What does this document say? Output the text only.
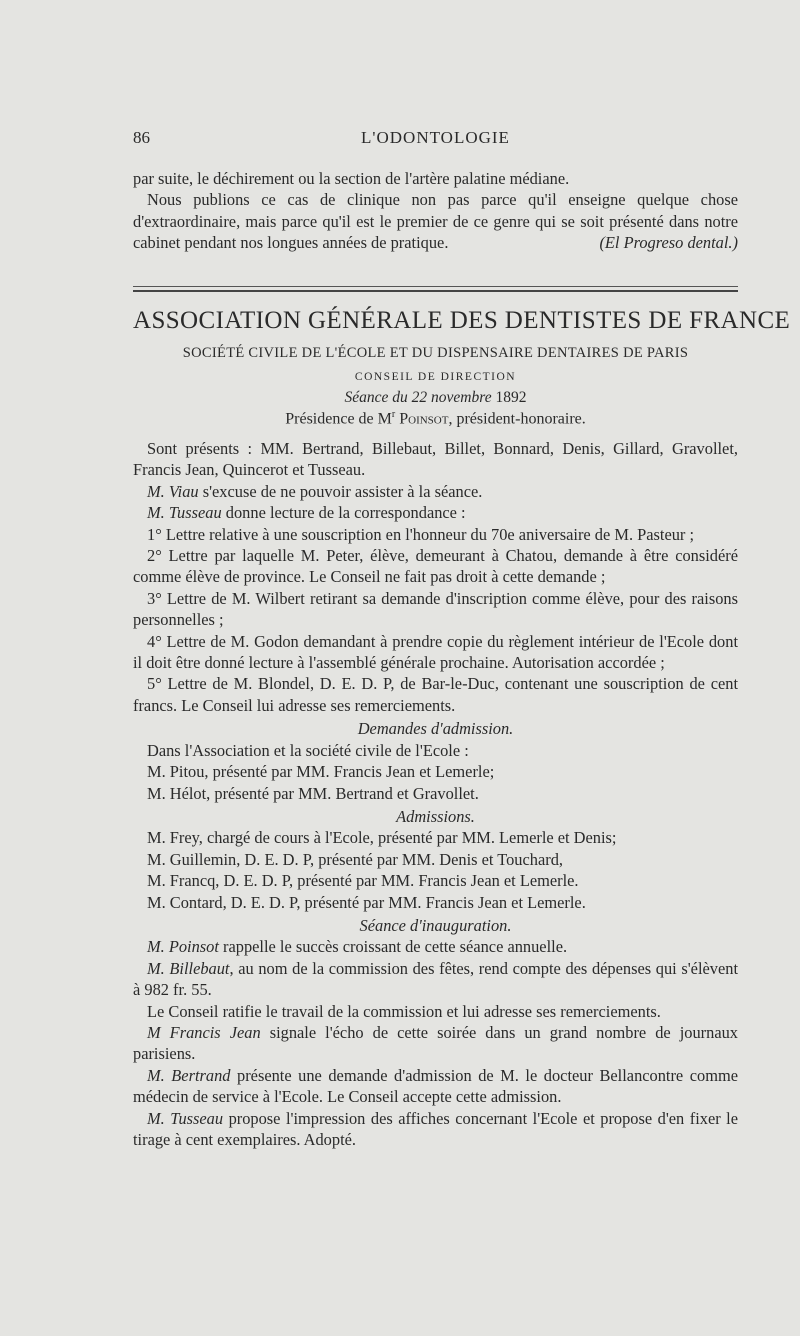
86	L'ODONTOLOGIE

par suite, le déchirement ou la section de l'artère palatine médiane.

Nous publions ce cas de clinique non pas parce qu'il enseigne quelque chose d'extraordinaire, mais parce qu'il est le premier de ce genre qui se soit présenté dans notre cabinet pendant nos longues années de pratique.	(El Progreso dental.)

ASSOCIATION GÉNÉRALE DES DENTISTES DE FRANCE
SOCIÉTÉ CIVILE DE L'ÉCOLE ET DU DISPENSAIRE DENTAIRES DE PARIS
CONSEIL DE DIRECTION
Séance du 22 novembre 1892
Présidence de $M^r$ Poinsot, président-honoraire.

Sont présents : MM. Bertrand, Billebaut, Billet, Bonnard, Denis, Gillard, Gravollet, Francis Jean, Quincerot et Tusseau.

M. Viau s'excuse de ne pouvoir assister à la séance.

M. Tusseau donne lecture de la correspondance :

1° Lettre relative à une souscription en l'honneur du 70e aniversaire de M. Pasteur ;

2° Lettre par laquelle M. Peter, élève, demeurant à Chatou, demande à être considéré comme élève de province. Le Conseil ne fait pas droit à cette demande ;

3° Lettre de M. Wilbert retirant sa demande d'inscription comme élève, pour des raisons personnelles ;

4° Lettre de M. Godon demandant à prendre copie du règlement intérieur de l'Ecole dont il doit être donné lecture à l'assemblé générale prochaine. Autorisation accordée ;

5° Lettre de M. Blondel, D. E. D. P, de Bar-le-Duc, contenant une souscription de cent francs. Le Conseil lui adresse ses remerciements.

Demandes d'admission.

Dans l'Association et la société civile de l'Ecole :

M. Pitou, présenté par MM. Francis Jean et Lemerle;

M. Hélot, présenté par MM. Bertrand et Gravollet.

Admissions.

M. Frey, chargé de cours à l'Ecole, présenté par MM. Lemerle et Denis;

M. Guillemin, D. E. D. P, présenté par MM. Denis et Touchard,

M. Francq, D. E. D. P, présenté par MM. Francis Jean et Lemerle.

M. Contard, D. E. D. P, présenté par MM. Francis Jean et Lemerle.

Séance d'inauguration.

M. Poinsot rappelle le succès croissant de cette séance annuelle.

M. Billebaut, au nom de la commission des fêtes, rend compte des dépenses qui s'élèvent à 982 fr. 55.

Le Conseil ratifie le travail de la commission et lui adresse ses remerciements.

M Francis Jean signale l'écho de cette soirée dans un grand nombre de journaux parisiens.

M. Bertrand présente une demande d'admission de M. le docteur Bellancontre comme médecin de service à l'Ecole. Le Conseil accepte cette admission.

M. Tusseau propose l'impression des affiches concernant l'Ecole et propose d'en fixer le tirage à cent exemplaires. Adopté.
